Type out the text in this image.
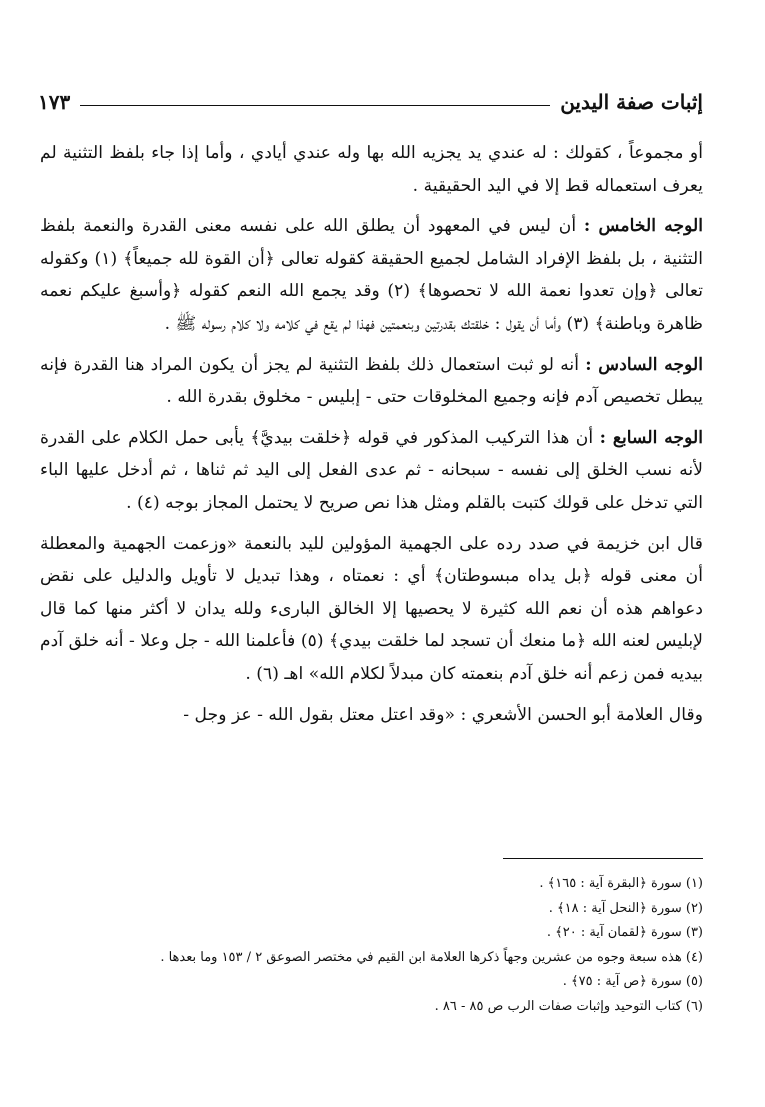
إثبات صفة اليدين
١٧٣

أو مجموعاً ، كقولك : له عندي يد يجزيه الله بها وله عندي أيادي ، وأما إذا جاء بلفظ التثنية لم يعرف استعماله قط إلا في اليد الحقيقية .

الوجه الخامس : أن ليس في المعهود أن يطلق الله على نفسه معنى القدرة والنعمة بلفظ التثنية ، بل بلفظ الإفراد الشامل لجميع الحقيقة كقوله تعالى ﴿أن القوة لله جميعاً﴾ (١) وكقوله تعالى ﴿وإن تعدوا نعمة الله لا تحصوها﴾ (٢) وقد يجمع الله النعم كقوله ﴿وأسبغ عليكم نعمه ظاهرة وباطنة﴾ (٣) وأما أن يقول : خلقتك بقدرتين وبنعمتين فهذا لم يقع في كلامه ولا كلام رسوله ﷺ .

الوجه السادس : أنه لو ثبت استعمال ذلك بلفظ التثنية لم يجز أن يكون المراد هنا القدرة فإنه يبطل تخصيص آدم فإنه وجميع المخلوقات حتى - إبليس - مخلوق بقدرة الله .

الوجه السابع : أن هذا التركيب المذكور في قوله ﴿خلقت بيديَّ﴾ يأبى حمل الكلام على القدرة لأنه نسب الخلق إلى نفسه - سبحانه - ثم عدى الفعل إلى اليد ثم ثناها ، ثم أدخل عليها الباء التي تدخل على قولك كتبت بالقلم ومثل هذا نص صريح لا يحتمل المجاز بوجه (٤) .

قال ابن خزيمة في صدد رده على الجهمية المؤولين لليد بالنعمة «وزعمت الجهمية والمعطلة أن معنى قوله ﴿بل يداه مبسوطتان﴾ أي : نعمتاه ، وهذا تبديل لا تأويل والدليل على نقض دعواهم هذه أن نعم الله كثيرة لا يحصيها إلا الخالق البارىء ولله يدان لا أكثر منها كما قال لإبليس لعنه الله ﴿ما منعك أن تسجد لما خلقت بيدي﴾ (٥) فأعلمنا الله - جل وعلا - أنه خلق آدم بيديه فمن زعم أنه خلق آدم بنعمته كان مبدلاً لكلام الله» اهـ (٦) .

وقال العلامة أبو الحسن الأشعري : «وقد اعتل معتل بقول الله - عز وجل -

(١) سورة ﴿البقرة آية : ١٦٥﴾ .
(٢) سورة ﴿النحل آية : ١٨﴾ .
(٣) سورة ﴿لقمان آية : ٢٠﴾ .
(٤) هذه سبعة وجوه من عشرين وجهاً ذكرها العلامة ابن القيم في مختصر الصوعق ٢ / ١٥٣ وما بعدها .
(٥) سورة ﴿ص آية : ٧٥﴾ .
(٦) كتاب التوحيد وإثبات صفات الرب ص ٨٥ - ٨٦ .
